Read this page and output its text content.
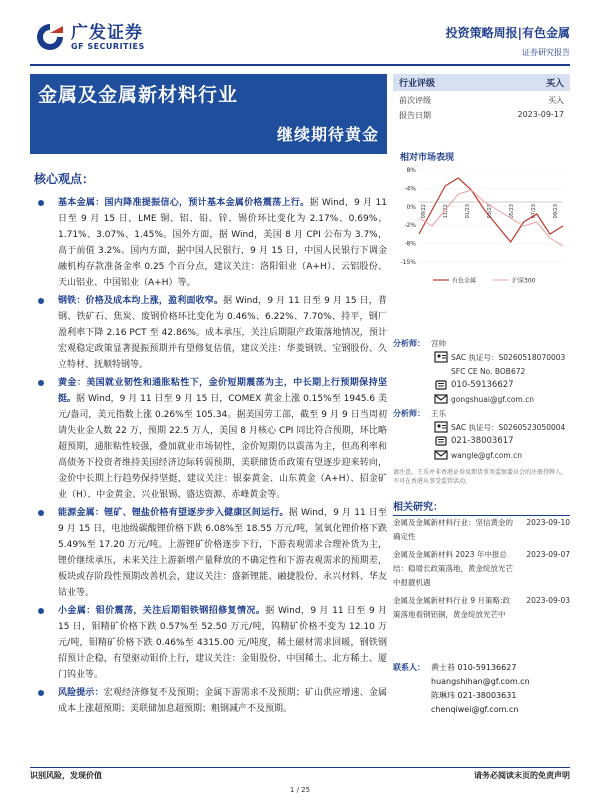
广发证券
GF SECURITIES
投资策略周报|有色金属
证券研究报告
金属及金属新材料行业
继续期待黄金
行业评级	买入
前次评级	买入
报告日期	2023-09-17
相对市场表现
8%
-4%
0%
-2%
-8%
-15%
09/22	11/22	01/23	03/23	05/23	07/23	09/23
有色金属	沪深300
核心观点：
基本金属：国内降准提振信心，预计基本金属价格震荡上行。据 Wind，9 月 11 日至 9 月 15 日，LME 铜、铝、铅、锌、锡价环比变化为 2.17%、0.69%、1.71%、3.07%、1.45%。国外方面，据 Wind，美国 8 月 CPI 公布为 3.7%，高于前值 3.2%。国内方面，据中国人民银行，9 月 15 日，中国人民银行下调金融机构存款准备金率 0.25 个百分点，建议关注：洛阳钼业（A+H）、云铝股份、天山铝业、中国铝业（A+H）等。
钢铁：价格及成本均上涨，盈利面收窄。据 Wind，9 月 11 日至 9 月 15 日，普钢、铁矿石、焦炭、废钢价格环比变化为 0.46%、6.22%、7.70%、持平，钢厂盈利率下降 2.16 PCT 至 42.86%。成本承压，关注后期限产政策落地情况，预计宏观稳定政策显著提振预期并有望修复估值，建议关注：华菱钢铁、宝钢股份、久立特材、抚顺特钢等。
黄金：美国就业韧性和通胀粘性下，金价短期震荡为主，中长期上行预期保持坚挺。据 Wind，9 月 11 日至 9 月 15 日，COMEX 黄金上涨 0.15%至 1945.6 美元/盎司，美元指数上涨 0.26%至 105.34。据美国劳工部，截至 9 月 9 日当周初请失业金人数 22 万，预期 22.5 万人，美国 8 月核心 CPI 同比符合预期，环比略超预期，通胀粘性较强，叠加就业市场韧性，金价短期仍以震荡为主，但高利率和高债务下投资者维持美国经济边际转弱预期，美联储货币政策有望逐步迎来转向，金价中长期上行趋势保持坚挺，建议关注：银泰黄金、山东黄金（A+H）、招金矿业（H）、中金黄金、兴业银锡、盛达资源、赤峰黄金等。
能源金属：锂矿、锂盐价格有望逐步步入健康区间运行。据 Wind，9 月 11 日至 9 月 15 日，电池级碳酸锂价格下跌 6.08%至 18.55 万元/吨，氢氧化锂价格下跌 5.49%至 17.20 万元/吨。上游锂矿价格逐步下行，下游表观需求合理补货为主，锂价继续承压，未来关注上游新增产量释放的不确定性和下游表观需求的预期差，板块或存阶段性预期改善机会，建议关注：盛新锂能、融捷股份、永兴材料、华友钴业等。
小金属：钼价震荡，关注后期钼铁钢招修复情况。据 Wind，9 月 11 日至 9 月 15 日，钼精矿价格下跌 0.57%至 52.50 万元/吨，钨精矿价格不变为 12.10 万元/吨，钼精矿价格下跌 0.46%至 4315.00 元/吨度，稀土磁材需求回暖，钢铁钢招预计企稳，有望驱动钼价上行，建议关注：金钼股份、中国稀土、北方稀土、厦门钨业等。
风险提示：宏观经济修复不及预期；金属下游需求不及预期；矿山供应增速、金属成本上涨超预期；美联储加息超预期；粗钢减产不及预期。
分析师： 宫帅
SAC 执证号：S0260518070003
SFC CE No. BOB672
010-59136627
gongshuai@gf.com.cn
分析师： 王乐
SAC 执证号：S0260523050004
021-38003617
wangle@gf.com.cn
请注意，王乐并非香港证券及期货事务监察委员会的注册持牌人，不可在香港从事受监管活动。
相关研究：
金属及金属新材料行业：坚信黄金的确定性
2023-09-10
金属及金属新材料 2023 年中报总结：稳增长政策落地，黄金绽放光芒中报靓机遇
2023-09-07
金属及金属新材料行业 9 月策略:政策落地看钢铝铜，黄金绽放光芒中
2023-09-03
联系人： 黄士苔 010-59136627
huangshihan@gf.com.cn
陈琳玮 021-38003631
chenqiwei@gf.com.cn
识别风险，发现价值	请务必阅读末页的免责声明
1 / 25
